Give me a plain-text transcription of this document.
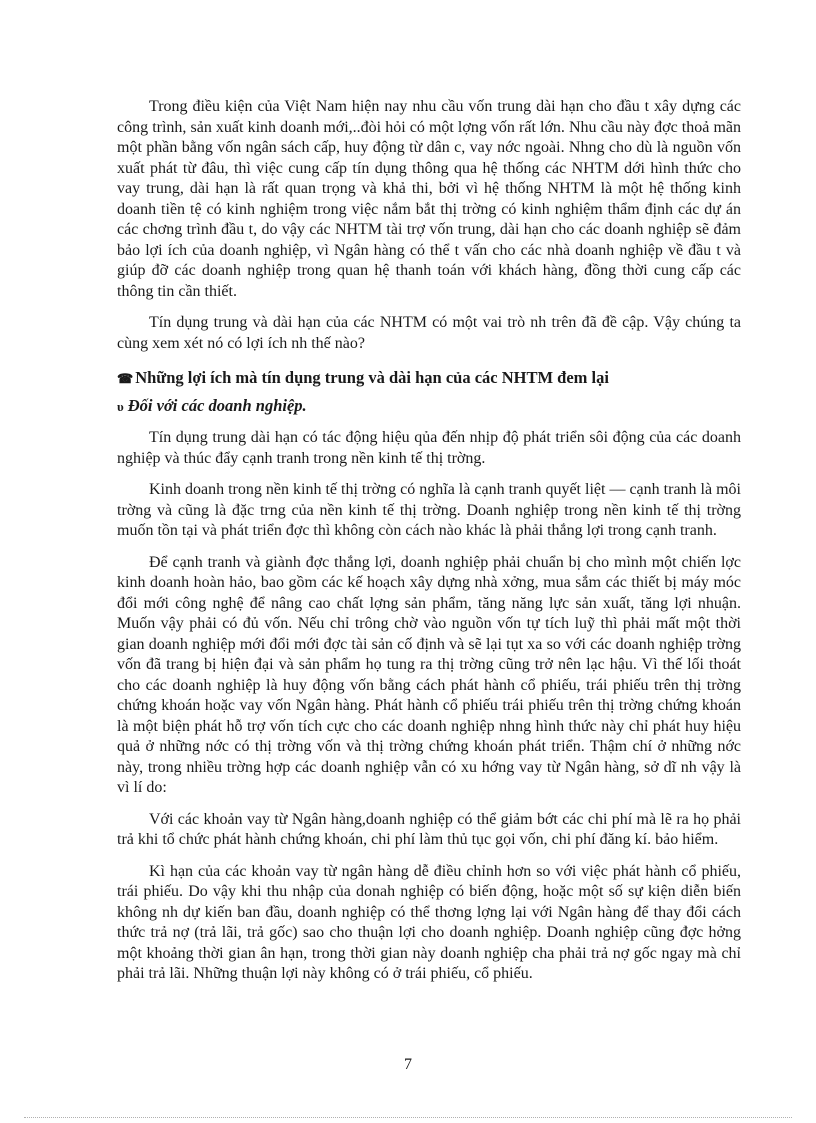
Trong điều kiện của Việt Nam hiện nay nhu cầu vốn trung dài hạn cho đầu t xây dựng các công trình, sản xuất kinh doanh mới,..đòi hỏi có một lợng vốn rất lớn. Nhu cầu này đợc thoả mãn một phần bằng vốn ngân sách cấp, huy động từ dân c, vay nớc ngoài. Nhng cho dù là nguồn vốn xuất phát từ đâu, thì việc cung cấp tín dụng thông qua hệ thống các NHTM dới hình thức cho vay trung, dài hạn là rất quan trọng và khả thi, bởi vì hệ thống NHTM là một hệ thống kinh doanh tiền tệ có kinh nghiệm trong việc nắm bắt thị trờng có kinh nghiệm thẩm định các dự án các chơng trình đầu t, do vậy các NHTM tài trợ vốn trung, dài hạn cho các doanh nghiệp sẽ đảm bảo lợi ích của doanh nghiệp, vì Ngân hàng có thể t vấn cho các nhà doanh nghiệp về đầu t và giúp đỡ các doanh nghiệp trong quan hệ thanh toán với khách hàng, đồng thời cung cấp các thông tin cần thiết.

Tín dụng trung và dài hạn của các NHTM có một vai trò nh trên đã đề cập. Vậy chúng ta cùng xem xét nó có lợi ích nh thế nào?

☎ Những lợi ích mà tín dụng trung và dài hạn của các NHTM đem lại
υ Đối với các doanh nghiệp.

Tín dụng trung dài hạn có tác động hiệu qủa đến nhịp độ phát triển sôi động của các doanh nghiệp và thúc đẩy cạnh tranh trong nền kinh tế thị trờng.

Kinh doanh trong nền kinh tế thị trờng có nghĩa là cạnh tranh quyết liệt — cạnh tranh là môi trờng và cũng là đặc trng của nền kinh tế thị trờng. Doanh nghiệp trong nền kinh tế thị trờng muốn tồn tại và phát triển đợc thì không còn cách nào khác là phải thắng lợi trong cạnh tranh.

Để cạnh tranh và giành đợc thắng lợi, doanh nghiệp phải chuẩn bị cho mình một chiến lợc kinh doanh hoàn hảo, bao gồm các kế hoạch xây dựng nhà xởng, mua sắm các thiết bị máy móc đổi mới công nghệ để nâng cao chất lợng sản phẩm, tăng năng lực sản xuất, tăng lợi nhuận. Muốn vậy phải có đủ vốn. Nếu chỉ trông chờ vào nguồn vốn tự tích luỹ thì phải mất một thời gian doanh nghiệp mới đổi mới đợc tài sản cố định và sẽ lại tụt xa so với các doanh nghiệp trờng vốn đã trang bị hiện đại và sản phẩm họ tung ra thị trờng cũng trở nên lạc hậu. Vì thế lối thoát cho các doanh nghiệp là huy động vốn bằng cách phát hành cổ phiếu, trái phiếu trên thị trờng chứng khoán hoặc vay vốn Ngân hàng. Phát hành cổ phiếu trái phiếu trên thị trờng chứng khoán là một biện phát hỗ trợ vốn tích cực cho các doanh nghiệp nhng hình thức này chỉ phát huy hiệu quả ở những nớc có thị trờng vốn và thị trờng chứng khoán phát triển. Thậm chí ở những nớc này, trong nhiều trờng hợp các doanh nghiệp vẫn có xu hớng vay từ Ngân hàng, sở dĩ nh vậy là vì lí do:

Với các khoản vay từ Ngân hàng,doanh nghiệp có thể giảm bớt các chi phí mà lẽ ra họ phải trả khi tổ chức phát hành chứng khoán, chi phí làm thủ tục gọi vốn, chi phí đăng kí. bảo hiểm.

Kì hạn của các khoản vay từ ngân hàng dễ điều chỉnh hơn so với việc phát hành cổ phiếu, trái phiếu. Do vậy khi thu nhập của donah nghiệp có biến động, hoặc một số sự kiện diễn biến không nh dự kiến ban đầu, doanh nghiệp có thể thơng lợng lại với Ngân hàng để thay đổi cách thức trả nợ (trả lãi, trả gốc) sao cho thuận lợi cho doanh nghiệp. Doanh nghiệp cũng đợc hởng một khoảng thời gian ân hạn, trong thời gian này doanh nghiệp cha phải trả nợ gốc ngay mà chỉ phải trả lãi. Những thuận lợi này không có ở trái phiếu, cổ phiếu.

7
